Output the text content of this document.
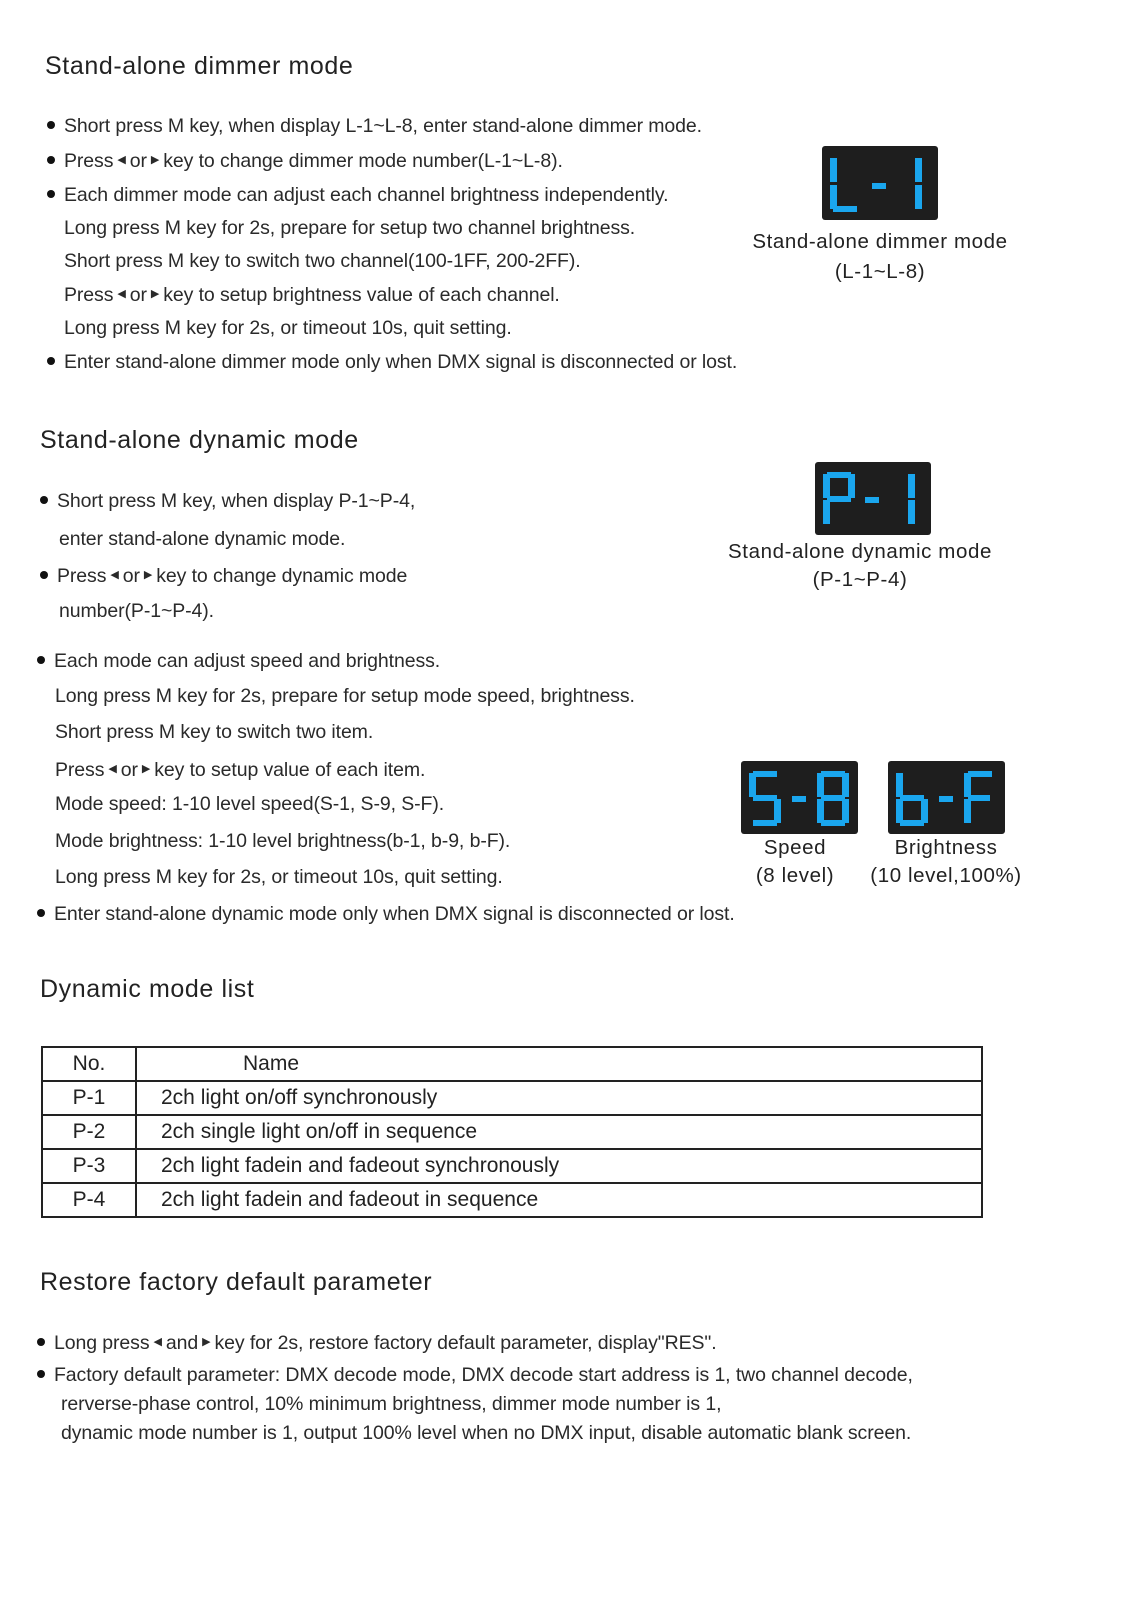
Stand-alone dimmer mode
Short press M key, when display L-1~L-8, enter stand-alone dimmer mode.
Press ◀ or ▶ key to change dimmer mode number(L-1~L-8).
Each dimmer mode can adjust each channel brightness independently.
Long press M key for 2s, prepare for setup two channel brightness.
Short press M key to switch two channel(100-1FF, 200-2FF).
Press ◀ or ▶ key to setup brightness value of each channel.
Long press M key for 2s, or timeout 10s, quit setting.
Enter stand-alone dimmer mode only when DMX signal is disconnected or lost.
Stand-alone dimmer mode
(L-1~L-8)
Stand-alone dynamic mode
Short press M key, when display P-1~P-4,
enter stand-alone dynamic mode.
Press ◀ or ▶ key to change dynamic mode
number(P-1~P-4).
Each mode can adjust speed and brightness.
Long press M key for 2s, prepare for setup mode speed, brightness.
Short press M key to switch two item.
Press ◀ or ▶ key to setup value of each item.
Mode speed: 1-10 level speed(S-1, S-9, S-F).
Mode brightness: 1-10 level brightness(b-1, b-9, b-F).
Long press M key for 2s, or timeout 10s, quit setting.
Enter stand-alone dynamic mode only when DMX signal is disconnected or lost.
Stand-alone dynamic mode
(P-1~P-4)
Speed
(8 level)
Brightness
(10 level,100%)
Dynamic mode list
No.	Name
P-1	2ch light on/off synchronously
P-2	2ch single light on/off in sequence
P-3	2ch light fadein and fadeout synchronously
P-4	2ch light fadein and fadeout in sequence
Restore factory default parameter
Long press ◀ and ▶ key for 2s, restore factory default parameter, display"RES".
Factory default parameter: DMX decode mode, DMX decode start address is 1, two channel decode,
rerverse-phase control, 10% minimum brightness, dimmer mode number is 1,
dynamic mode number is 1, output 100% level when no DMX input, disable automatic blank screen.
